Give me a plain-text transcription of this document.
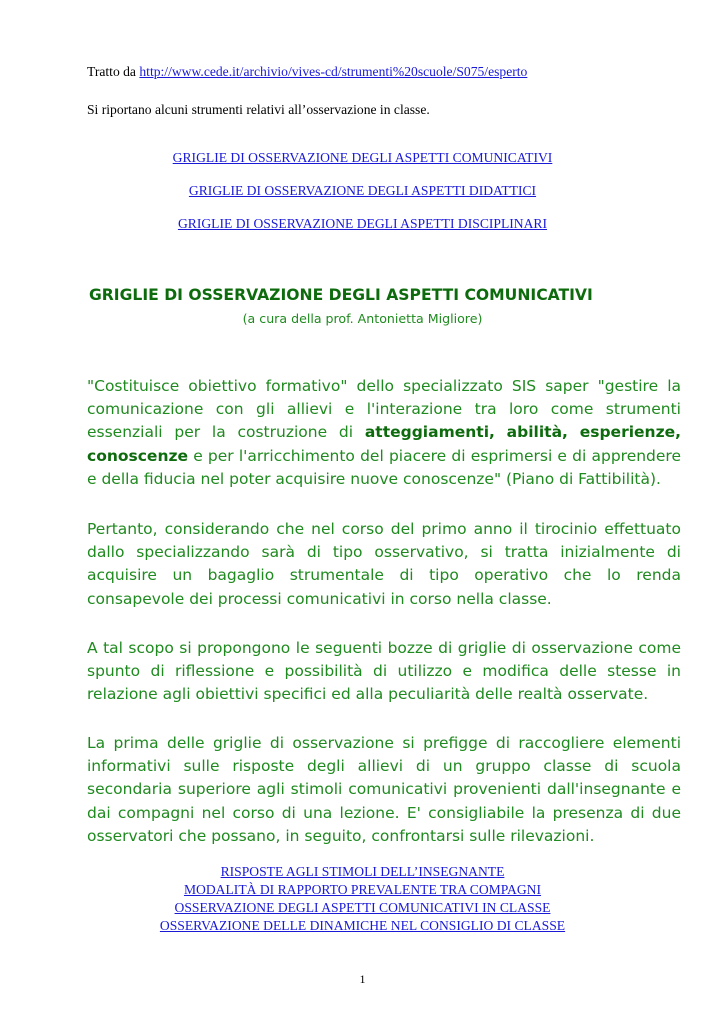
Tratto da http://www.cede.it/archivio/vives-cd/strumenti%20scuole/S075/esperto
Si riportano alcuni strumenti relativi all’osservazione in classe.
GRIGLIE DI OSSERVAZIONE DEGLI ASPETTI COMUNICATIVI
GRIGLIE DI OSSERVAZIONE DEGLI ASPETTI DIDATTICI
GRIGLIE DI OSSERVAZIONE DEGLI ASPETTI DISCIPLINARI
GRIGLIE DI OSSERVAZIONE DEGLI ASPETTI COMUNICATIVI
(a cura della prof. Antonietta Migliore)

"Costituisce obiettivo formativo" dello specializzato SIS saper "gestire la comunicazione con gli allievi e l'interazione tra loro come strumenti essenziali per la costruzione di atteggiamenti, abilità, esperienze, conoscenze e per l'arricchimento del piacere di esprimersi e di apprendere e della fiducia nel poter acquisire nuove conoscenze" (Piano di Fattibilità).

Pertanto, considerando che nel corso del primo anno il tirocinio effettuato dallo specializzando sarà di tipo osservativo, si tratta inizialmente di acquisire un bagaglio strumentale di tipo operativo che lo renda consapevole dei processi comunicativi in corso nella classe.

A tal scopo si propongono le seguenti bozze di griglie di osservazione come spunto di riflessione e possibilità di utilizzo e modifica delle stesse in relazione agli obiettivi specifici ed alla peculiarità delle realtà osservate.

La prima delle griglie di osservazione si prefigge di raccogliere elementi informativi sulle risposte degli allievi di un gruppo classe di scuola secondaria superiore agli stimoli comunicativi provenienti dall'insegnante e dai compagni nel corso di una lezione. E' consigliabile la presenza di due osservatori che possano, in seguito, confrontarsi sulle rilevazioni.

RISPOSTE AGLI STIMOLI DELL’INSEGNANTE
MODALITÀ DI RAPPORTO PREVALENTE TRA COMPAGNI
OSSERVAZIONE DEGLI ASPETTI COMUNICATIVI IN CLASSE
OSSERVAZIONE DELLE DINAMICHE NEL CONSIGLIO DI CLASSE
1
